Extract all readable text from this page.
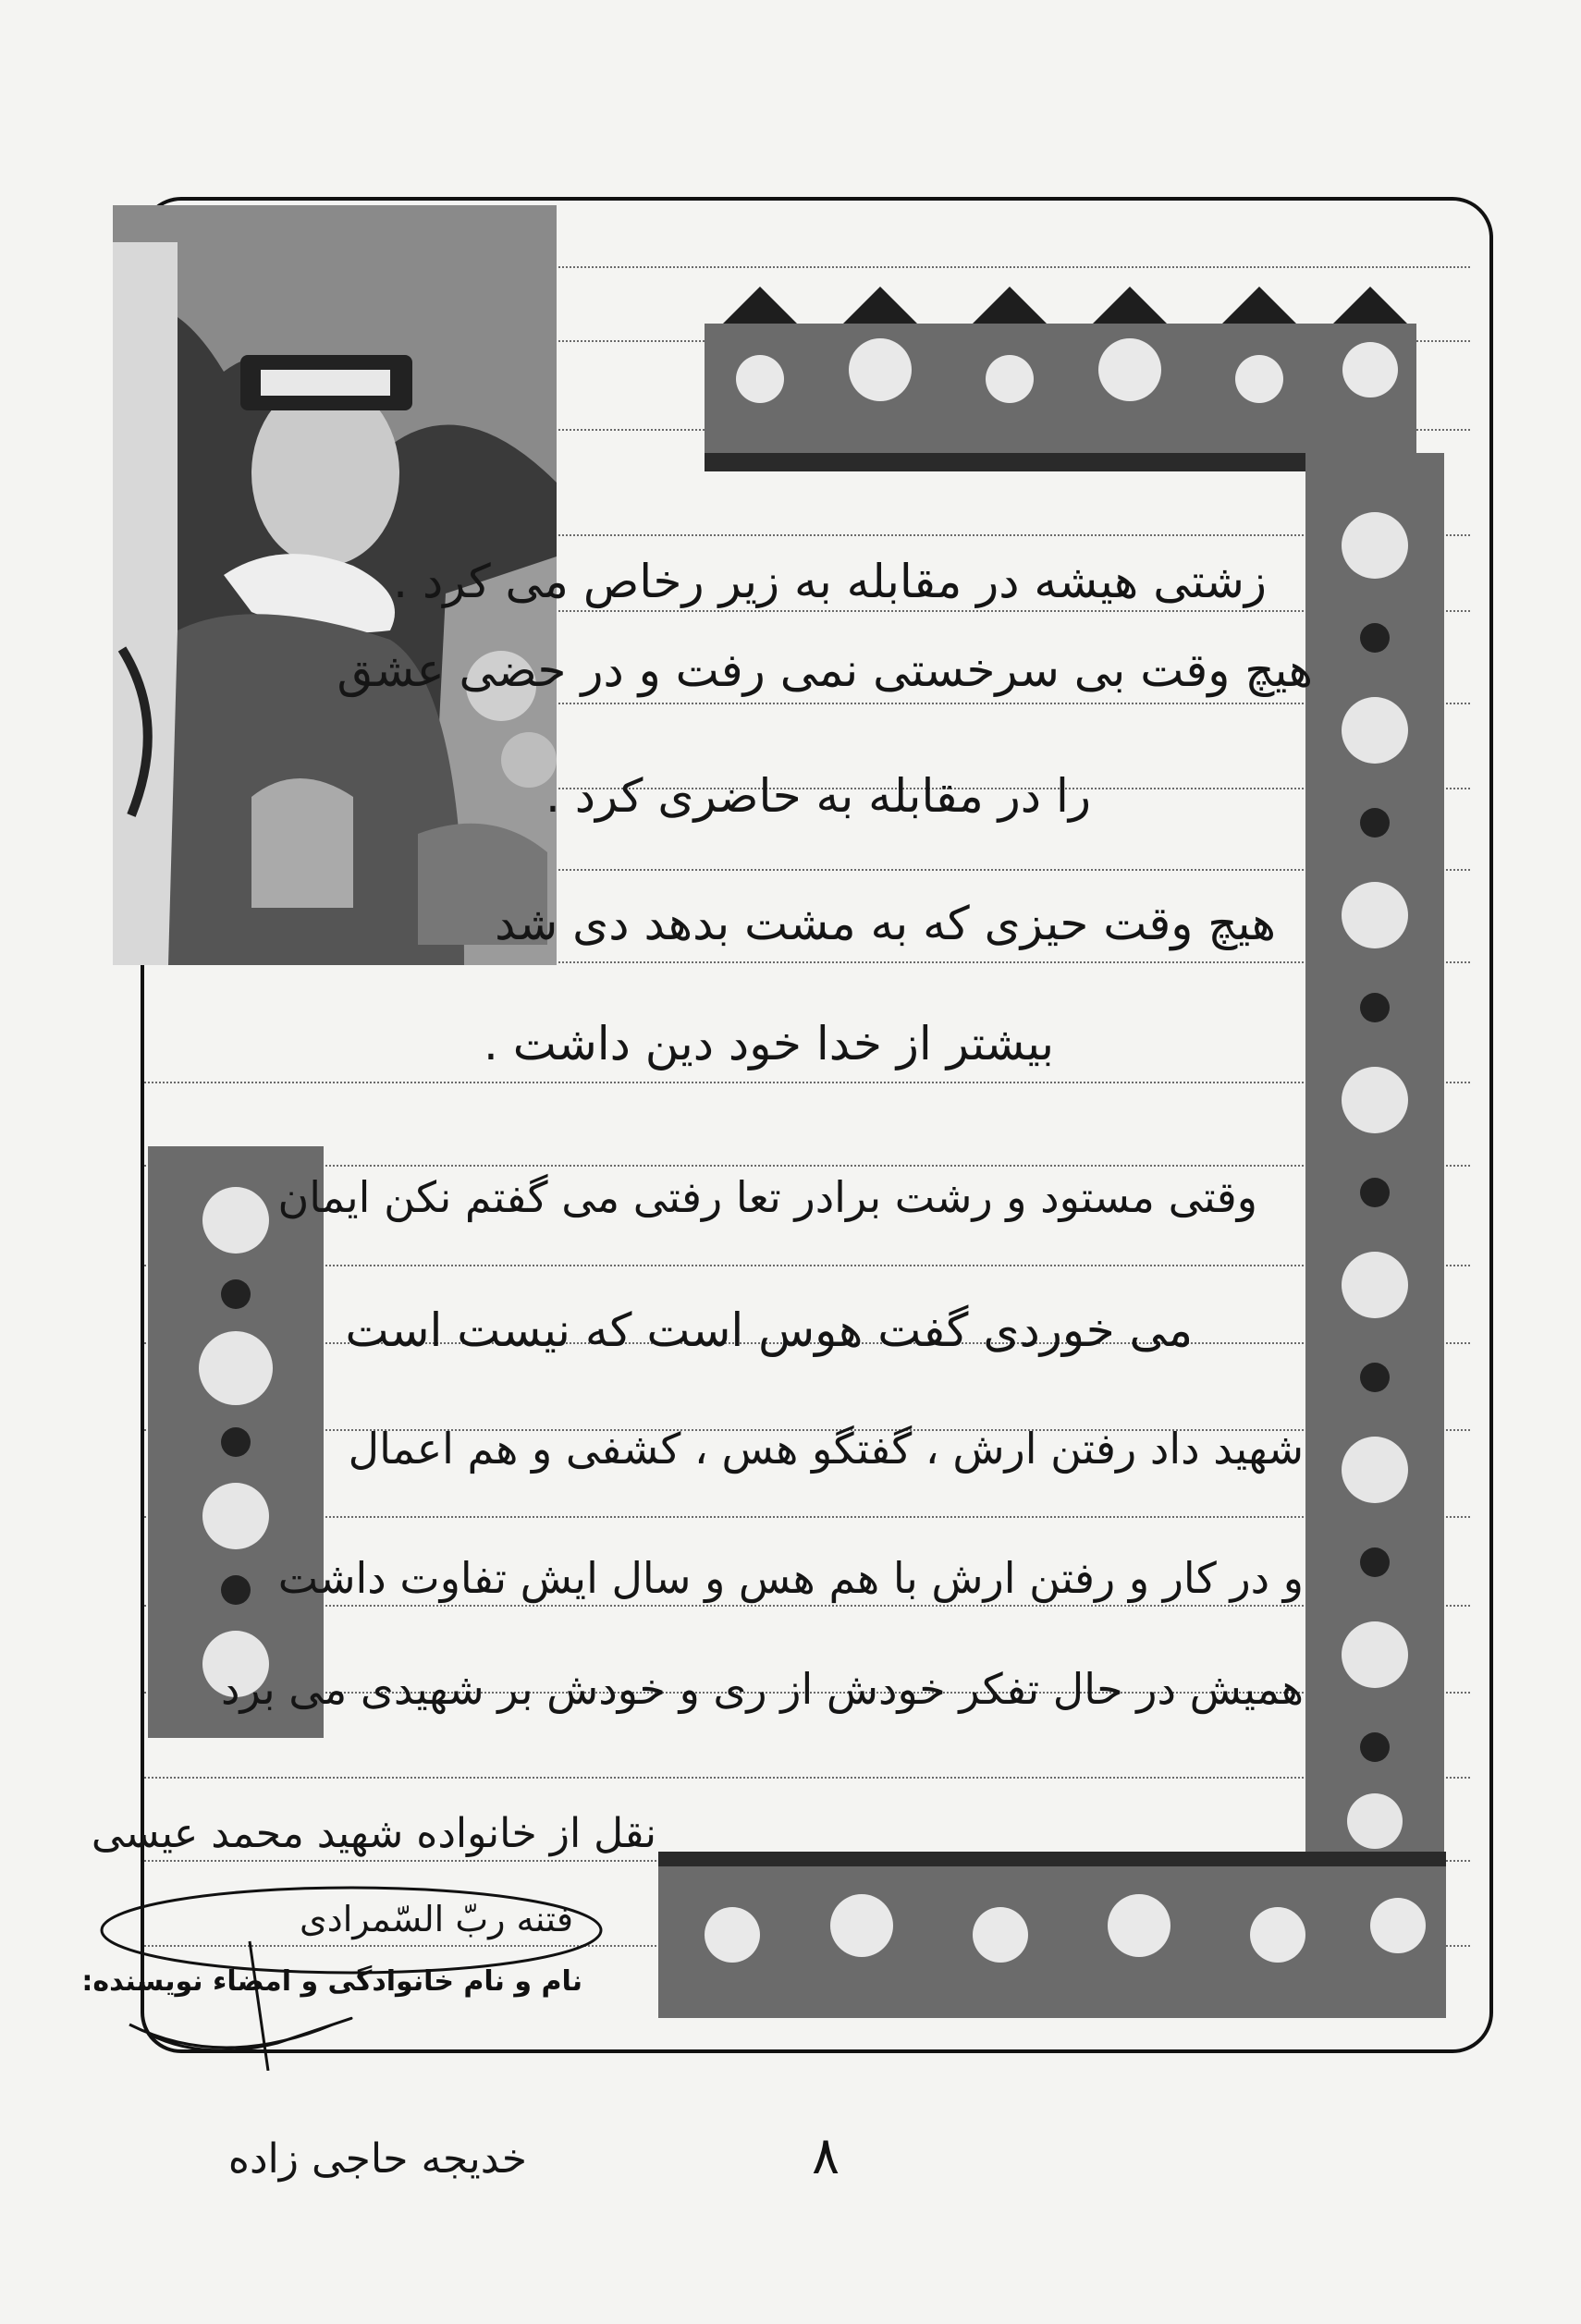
زشتی هیشه در مقابله به زیر رخاص می کرد .
هیچ وقت بی سرخستی نمی رفت و در حضی عشق
را در مقابله به حاضری کرد .
هیچ وقت حیزی که به مشت بدهد دی شد
بیشتر از خدا خود دین داشت .
وقتی مستود و رشت برادر تعا رفتی می گفتم نکن ایمان
می خوردی گفت هوس است که نیست است
شهید داد رفتن ارش ، گفتگو هس ، کشفی و هم اعمال
و در کار و رفتن ارش با هم هس و سال ایش تفاوت داشت
همیش در حال تفکر خودش از ری و خودش بر شهیدی می برد
نقل از خانواده شهید محمد عیسی
فتنه ربّ السّمرادی
نام و نام خانوادگی و امضاء نویسنده:
خدیجه حاجی زاده	۸
